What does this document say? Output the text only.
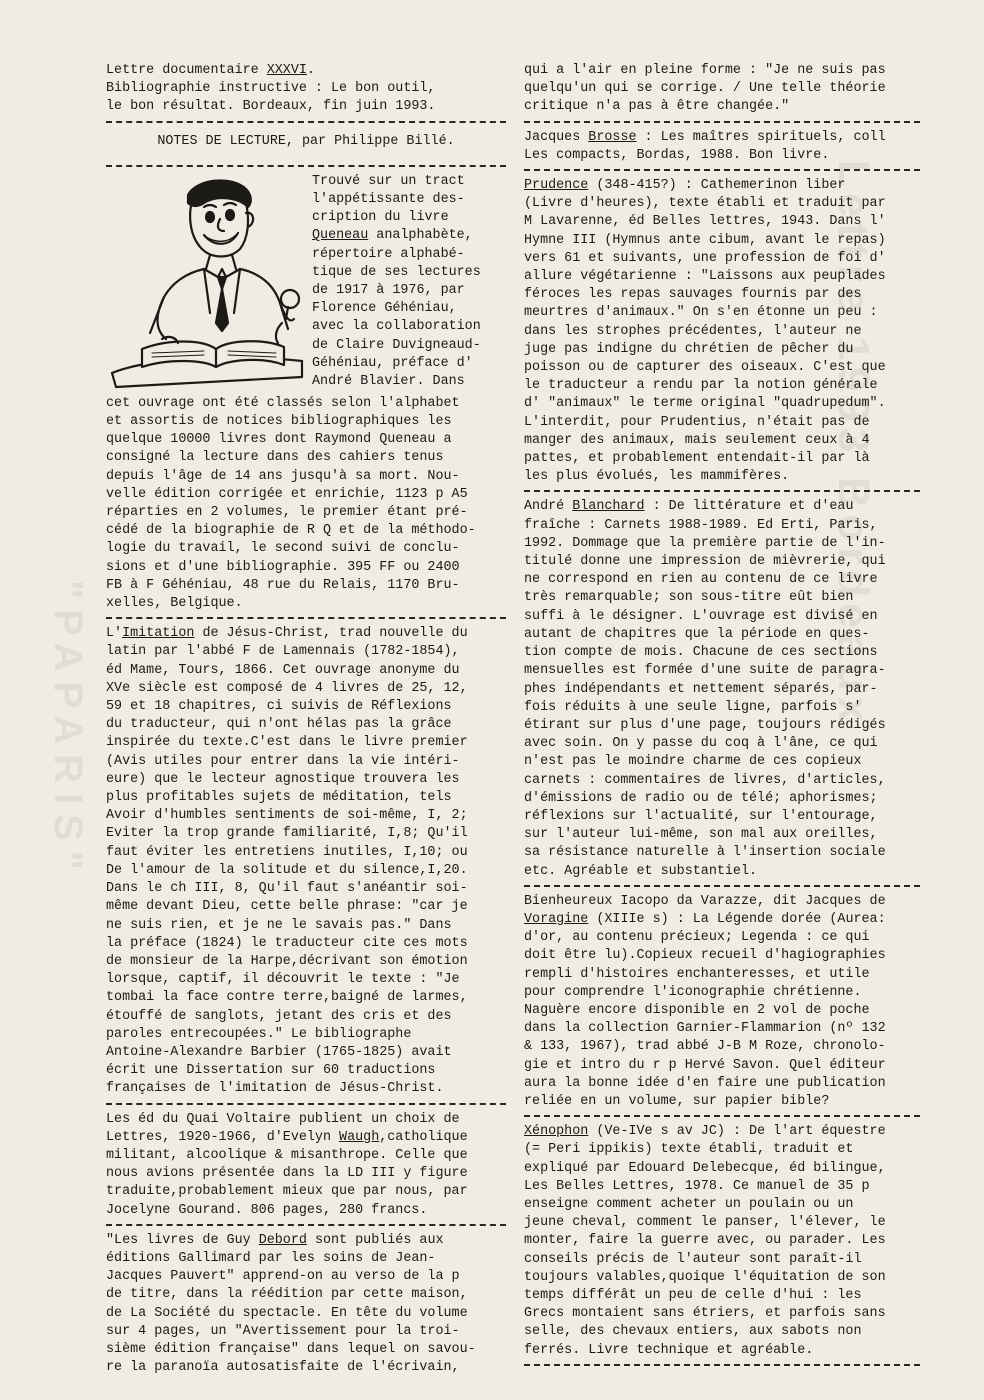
Lettre 1993 Bordeaux
"PAPARIS"
Lettre documentaire XXXVI.
Bibliographie instructive : Le bon outil,
le bon résultat. Bordeaux, fin juin 1993.
NOTES DE LECTURE, par Philippe Billé.
Trouvé sur un tract
l'appétissante des-
cription du livre
Queneau analphabète,
répertoire alphabé-
tique de ses lectures
de 1917 à 1976, par
Florence Géhéniau,
avec la collaboration
de Claire Duvigneaud-
Géhéniau, préface d'
André Blavier. Dans
cet ouvrage ont été classés selon l'alphabet
et assortis de notices bibliographiques les
quelque 10000 livres dont Raymond Queneau a
consigné la lecture dans des cahiers tenus
depuis l'âge de 14 ans jusqu'à sa mort. Nou-
velle édition corrigée et enrichie, 1123 p A5
réparties en 2 volumes, le premier étant pré-
cédé de la biographie de R Q et de la méthodo-
logie du travail, le second suivi de conclu-
sions et d'une bibliographie. 395 FF ou 2400
FB à F Géhéniau, 48 rue du Relais, 1170 Bru-
xelles, Belgique.
L'Imitation de Jésus-Christ, trad nouvelle du
latin par l'abbé F de Lamennais (1782-1854),
éd Mame, Tours, 1866. Cet ouvrage anonyme du
XVe siècle est composé de 4 livres de 25, 12,
59 et 18 chapitres, ci suivis de Réflexions
du traducteur, qui n'ont hélas pas la grâce
inspirée du texte.C'est dans le livre premier
(Avis utiles pour entrer dans la vie intéri-
eure) que le lecteur agnostique trouvera les
plus profitables sujets de méditation, tels
Avoir d'humbles sentiments de soi-même, I, 2;
Eviter la trop grande familiarité, I,8; Qu'il
faut éviter les entretiens inutiles, I,10; ou
De l'amour de la solitude et du silence,I,20.
Dans le ch III, 8, Qu'il faut s'anéantir soi-
même devant Dieu, cette belle phrase: "car je
ne suis rien, et je ne le savais pas." Dans
la préface (1824) le traducteur cite ces mots
de monsieur de la Harpe,décrivant son émotion
lorsque, captif, il découvrit le texte : "Je
tombai la face contre terre,baigné de larmes,
étouffé de sanglots, jetant des cris et des
paroles entrecoupées." Le bibliographe
Antoine-Alexandre Barbier (1765-1825) avait
écrit une Dissertation sur 60 traductions
françaises de l'imitation de Jésus-Christ.
Les éd du Quai Voltaire publient un choix de
Lettres, 1920-1966, d'Evelyn Waugh,catholique
militant, alcoolique & misanthrope. Celle que
nous avions présentée dans la LD III y figure
traduite,probablement mieux que par nous, par
Jocelyne Gourand. 806 pages, 280 francs.
"Les livres de Guy Debord sont publiés aux
éditions Gallimard par les soins de Jean-
Jacques Pauvert" apprend-on au verso de la p
de titre, dans la réédition par cette maison,
de La Société du spectacle. En tête du volume
sur 4 pages, un "Avertissement pour la troi-
sième édition française" dans lequel on savou-
re la paranoïa autosatisfaite de l'écrivain,
qui a l'air en pleine forme : "Je ne suis pas
quelqu'un qui se corrige. / Une telle théorie
critique n'a pas à être changée."
Jacques Brosse : Les maîtres spirituels, coll
Les compacts, Bordas, 1988. Bon livre.
Prudence (348-415?) : Cathemerinon liber
(Livre d'heures), texte établi et traduit par
M Lavarenne, éd Belles lettres, 1943. Dans l'
Hymne III (Hymnus ante cibum, avant le repas)
vers 61 et suivants, une profession de foi d'
allure végétarienne : "Laissons aux peuplades
féroces les repas sauvages fournis par des
meurtres d'animaux." On s'en étonne un peu :
dans les strophes précédentes, l'auteur ne
juge pas indigne du chrétien de pêcher du
poisson ou de capturer des oiseaux. C'est que
le traducteur a rendu par la notion générale
d' "animaux" le terme original "quadrupedum".
L'interdit, pour Prudentius, n'était pas de
manger des animaux, mais seulement ceux à 4
pattes, et probablement entendait-il par là
les plus évolués, les mammifères.
André Blanchard : De littérature et d'eau
fraîche : Carnets 1988-1989. Ed Erti, Paris,
1992. Dommage que la première partie de l'in-
titulé donne une impression de mièvrerie, qui
ne correspond en rien au contenu de ce livre
très remarquable; son sous-titre eût bien
suffi à le désigner. L'ouvrage est divisé en
autant de chapitres que la période en ques-
tion compte de mois. Chacune de ces sections
mensuelles est formée d'une suite de paragra-
phes indépendants et nettement séparés, par-
fois réduits à une seule ligne, parfois s'
étirant sur plus d'une page, toujours rédigés
avec soin. On y passe du coq à l'âne, ce qui
n'est pas le moindre charme de ces copieux
carnets : commentaires de livres, d'articles,
d'émissions de radio ou de télé; aphorismes;
réflexions sur l'actualité, sur l'entourage,
sur l'auteur lui-même, son mal aux oreilles,
sa résistance naturelle à l'insertion sociale
etc. Agréable et substantiel.
Bienheureux Iacopo da Varazze, dit Jacques de
Voragine (XIIIe s) : La Légende dorée (Aurea:
d'or, au contenu précieux; Legenda : ce qui
doit être lu).Copieux recueil d'hagiographies
rempli d'histoires enchanteresses, et utile
pour comprendre l'iconographie chrétienne.
Naguère encore disponible en 2 vol de poche
dans la collection Garnier-Flammarion (nº 132
& 133, 1967), trad abbé J-B M Roze, chronolo-
gie et intro du r p Hervé Savon. Quel éditeur
aura la bonne idée d'en faire une publication
reliée en un volume, sur papier bible?
Xénophon (Ve-IVe s av JC) : De l'art équestre
(= Peri ippikis) texte établi, traduit et
expliqué par Edouard Delebecque, éd bilingue,
Les Belles Lettres, 1978. Ce manuel de 35 p
enseigne comment acheter un poulain ou un
jeune cheval, comment le panser, l'élever, le
monter, faire la guerre avec, ou parader. Les
conseils précis de l'auteur sont paraît-il
toujours valables,quoique l'équitation de son
temps différât un peu de celle d'hui : les
Grecs montaient sans étriers, et parfois sans
selle, des chevaux entiers, aux sabots non
ferrés. Livre technique et agréable.
